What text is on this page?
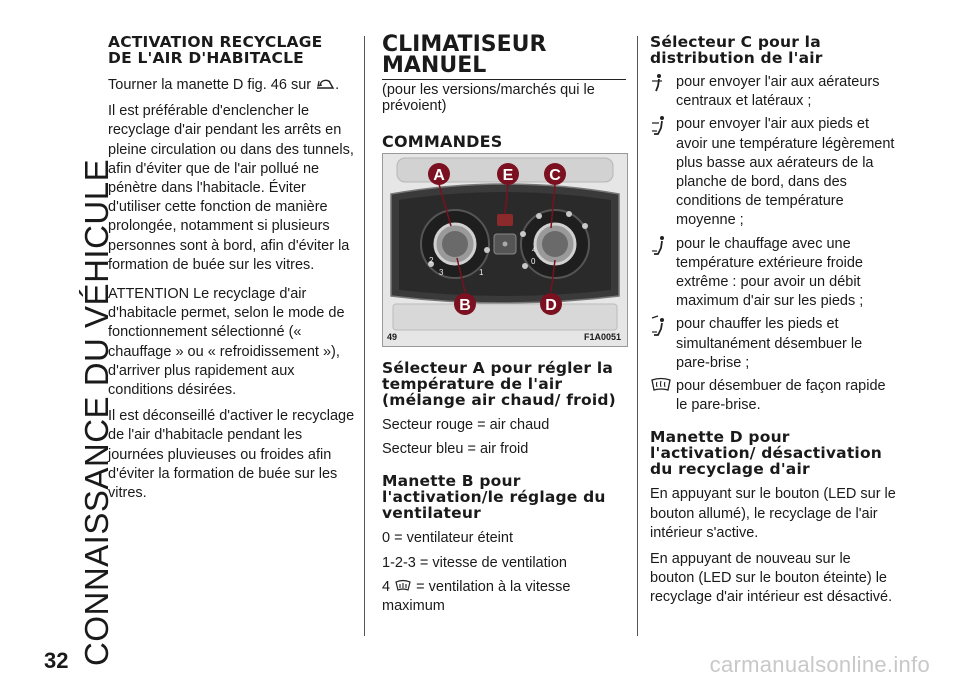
CONNAISSANCE DU VÉHICULE
ACTIVATION RECYCLAGE DE L'AIR D'HABITACLE

Tourner la manette D fig. 46 sur .

Il est préférable d'enclencher le recyclage d'air pendant les arrêts en pleine circulation ou dans des tunnels, afin d'éviter que de l'air pollué ne pénètre dans l'habitacle. Éviter d'utiliser cette fonction de manière prolongée, notamment si plusieurs personnes sont à bord, afin d'éviter la formation de buée sur les vitres.

ATTENTION Le recyclage d'air d'habitacle permet, selon le mode de fonctionnement sélectionné (« chauffage » ou « refroidissement »), d'arriver plus rapidement aux conditions désirées.

Il est déconseillé d'activer le recyclage de l'air d'habitacle pendant les journées pluvieuses ou froides afin d'éviter la formation de buée sur les vitres.

CLIMATISEUR MANUEL

(pour les versions/marchés qui le prévoient)

COMMANDES
2
3	1
0
4
A	E C
B	D
49	F1A0051
Sélecteur A pour régler la température de l'air (mélange air chaud/ froid)

Secteur rouge = air chaud

Secteur bleu = air froid

Manette B pour l'activation/le réglage du ventilateur

0 = ventilateur éteint

1-2-3 = vitesse de ventilation

4 = ventilation à la vitesse maximum

Sélecteur C pour la distribution de l'air

pour envoyer l'air aux aérateurs centraux et latéraux ;

pour envoyer l'air aux pieds et avoir une température légèrement plus basse aux aérateurs de la planche de bord, dans des conditions de température moyenne ;

pour le chauffage avec une température extérieure froide extrême : pour avoir un débit maximum d'air sur les pieds ;

pour chauffer les pieds et simultanément désembuer le pare-brise ;

pour désembuer de façon rapide le pare-brise.

Manette D pour l'activation/ désactivation du recyclage d'air

En appuyant sur le bouton (LED sur le bouton allumé), le recyclage de l'air intérieur s'active.

En appuyant de nouveau sur le bouton (LED sur le bouton éteinte) le recyclage d'air intérieur est désactivé.

32	carmanualsonline.info
